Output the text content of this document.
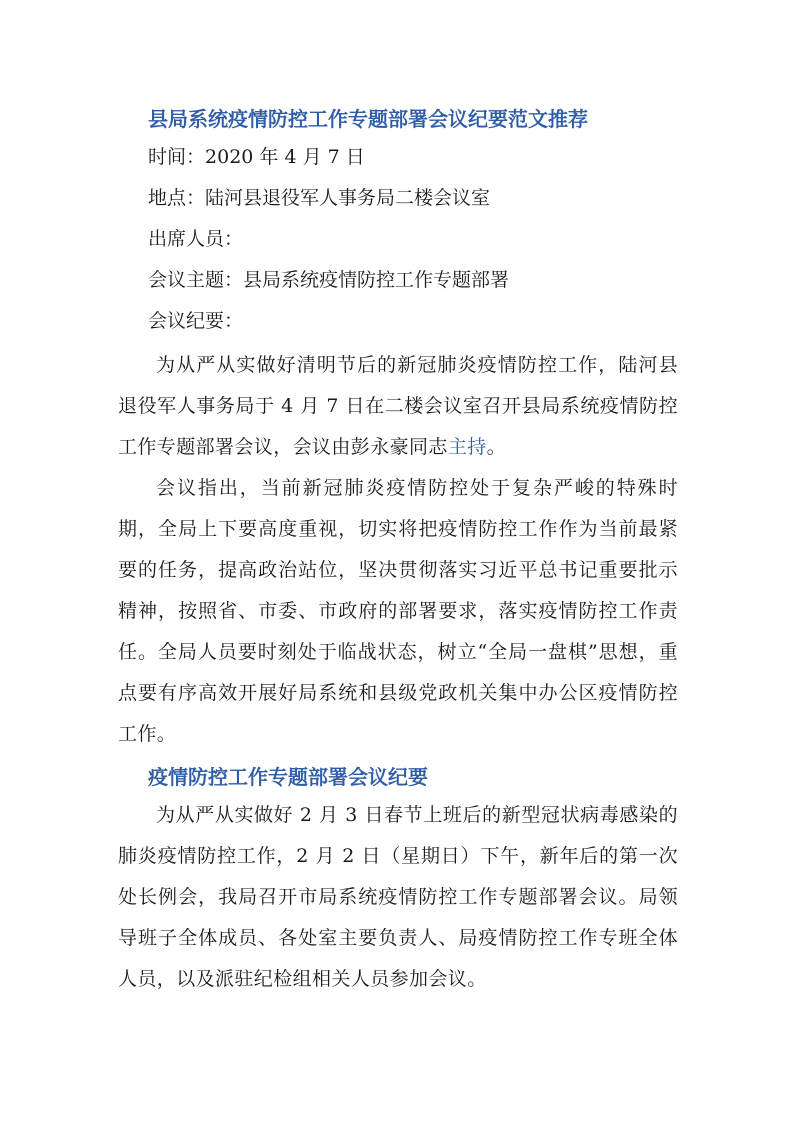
县局系统疫情防控工作专题部署会议纪要范文推荐

时间：2020 年 4 月 7 日

地点：陆河县退役军人事务局二楼会议室

出席人员：

会议主题：县局系统疫情防控工作专题部署

会议纪要：

为从严从实做好清明节后的新冠肺炎疫情防控工作，陆河县退役军人事务局于 4 月 7 日在二楼会议室召开县局系统疫情防控工作专题部署会议，会议由彭永豪同志主持。

会议指出，当前新冠肺炎疫情防控处于复杂严峻的特殊时期，全局上下要高度重视，切实将把疫情防控工作作为当前最紧要的任务，提高政治站位，坚决贯彻落实习近平总书记重要批示精神，按照省、市委、市政府的部署要求，落实疫情防控工作责任。全局人员要时刻处于临战状态，树立“全局一盘棋”思想，重点要有序高效开展好局系统和县级党政机关集中办公区疫情防控工作。

疫情防控工作专题部署会议纪要

为从严从实做好 2 月 3 日春节上班后的新型冠状病毒感染的肺炎疫情防控工作，2 月 2 日（星期日）下午，新年后的第一次处长例会，我局召开市局系统疫情防控工作专题部署会议。局领导班子全体成员、各处室主要负责人、局疫情防控工作专班全体人员，以及派驻纪检组相关人员参加会议。
